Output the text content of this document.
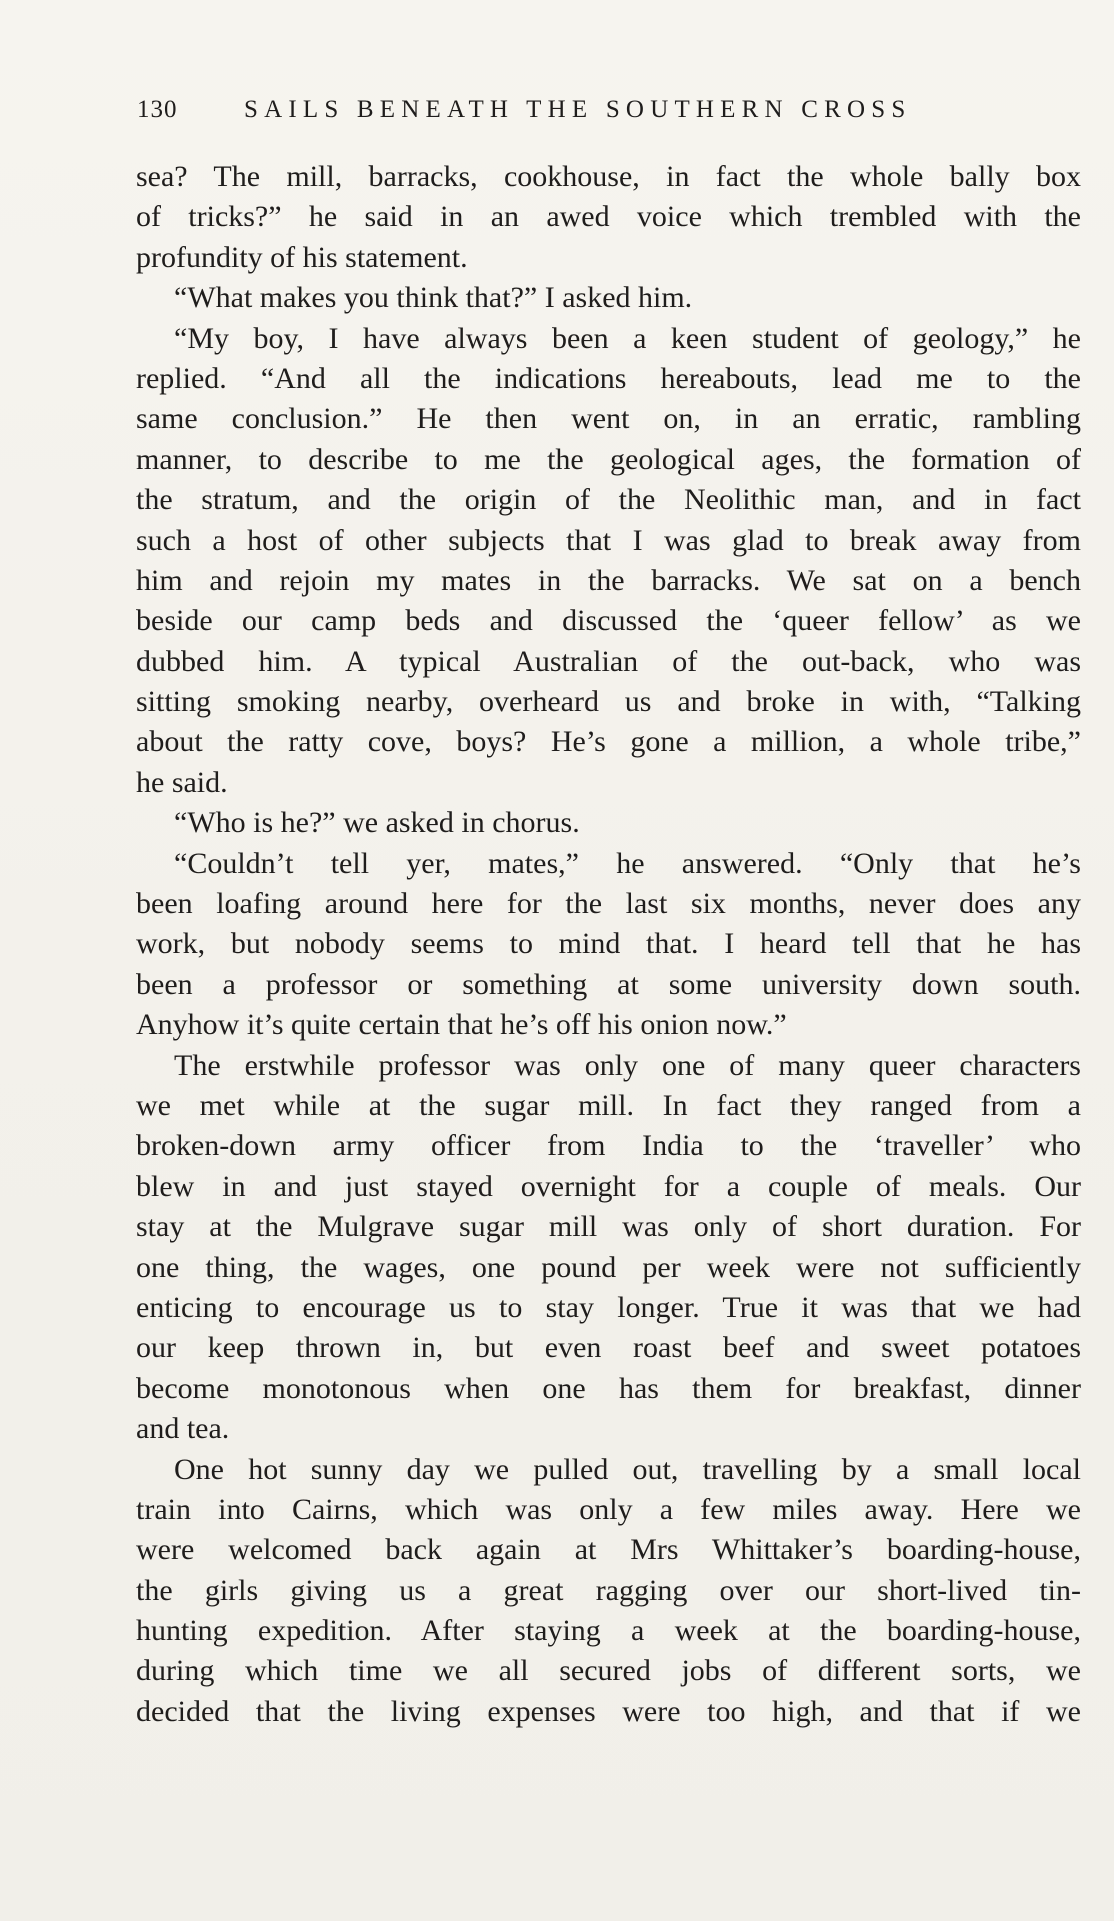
130	SAILS BENEATH THE SOUTHERN CROSS
sea? The mill, barracks, cookhouse, in fact the whole bally box
of tricks?” he said in an awed voice which trembled with the
profundity of his statement.
“What makes you think that?” I asked him.
“My boy, I have always been a keen student of geology,” he
replied. “And all the indications hereabouts, lead me to the
same conclusion.” He then went on, in an erratic, rambling
manner, to describe to me the geological ages, the formation of
the stratum, and the origin of the Neolithic man, and in fact
such a host of other subjects that I was glad to break away from
him and rejoin my mates in the barracks. We sat on a bench
beside our camp beds and discussed the ‘queer fellow’ as we
dubbed him. A typical Australian of the out-back, who was
sitting smoking nearby, overheard us and broke in with, “Talking
about the ratty cove, boys? He’s gone a million, a whole tribe,”
he said.
“Who is he?” we asked in chorus.
“Couldn’t tell yer, mates,” he answered. “Only that he’s
been loafing around here for the last six months, never does any
work, but nobody seems to mind that. I heard tell that he has
been a professor or something at some university down south.
Anyhow it’s quite certain that he’s off his onion now.”
The erstwhile professor was only one of many queer characters
we met while at the sugar mill. In fact they ranged from a
broken-down army officer from India to the ‘traveller’ who
blew in and just stayed overnight for a couple of meals. Our
stay at the Mulgrave sugar mill was only of short duration. For
one thing, the wages, one pound per week were not sufficiently
enticing to encourage us to stay longer. True it was that we had
our keep thrown in, but even roast beef and sweet potatoes
become monotonous when one has them for breakfast, dinner
and tea.
One hot sunny day we pulled out, travelling by a small local
train into Cairns, which was only a few miles away. Here we
were welcomed back again at Mrs Whittaker’s boarding-house,
the girls giving us a great ragging over our short-lived tin-
hunting expedition. After staying a week at the boarding-house,
during which time we all secured jobs of different sorts, we
decided that the living expenses were too high, and that if we
